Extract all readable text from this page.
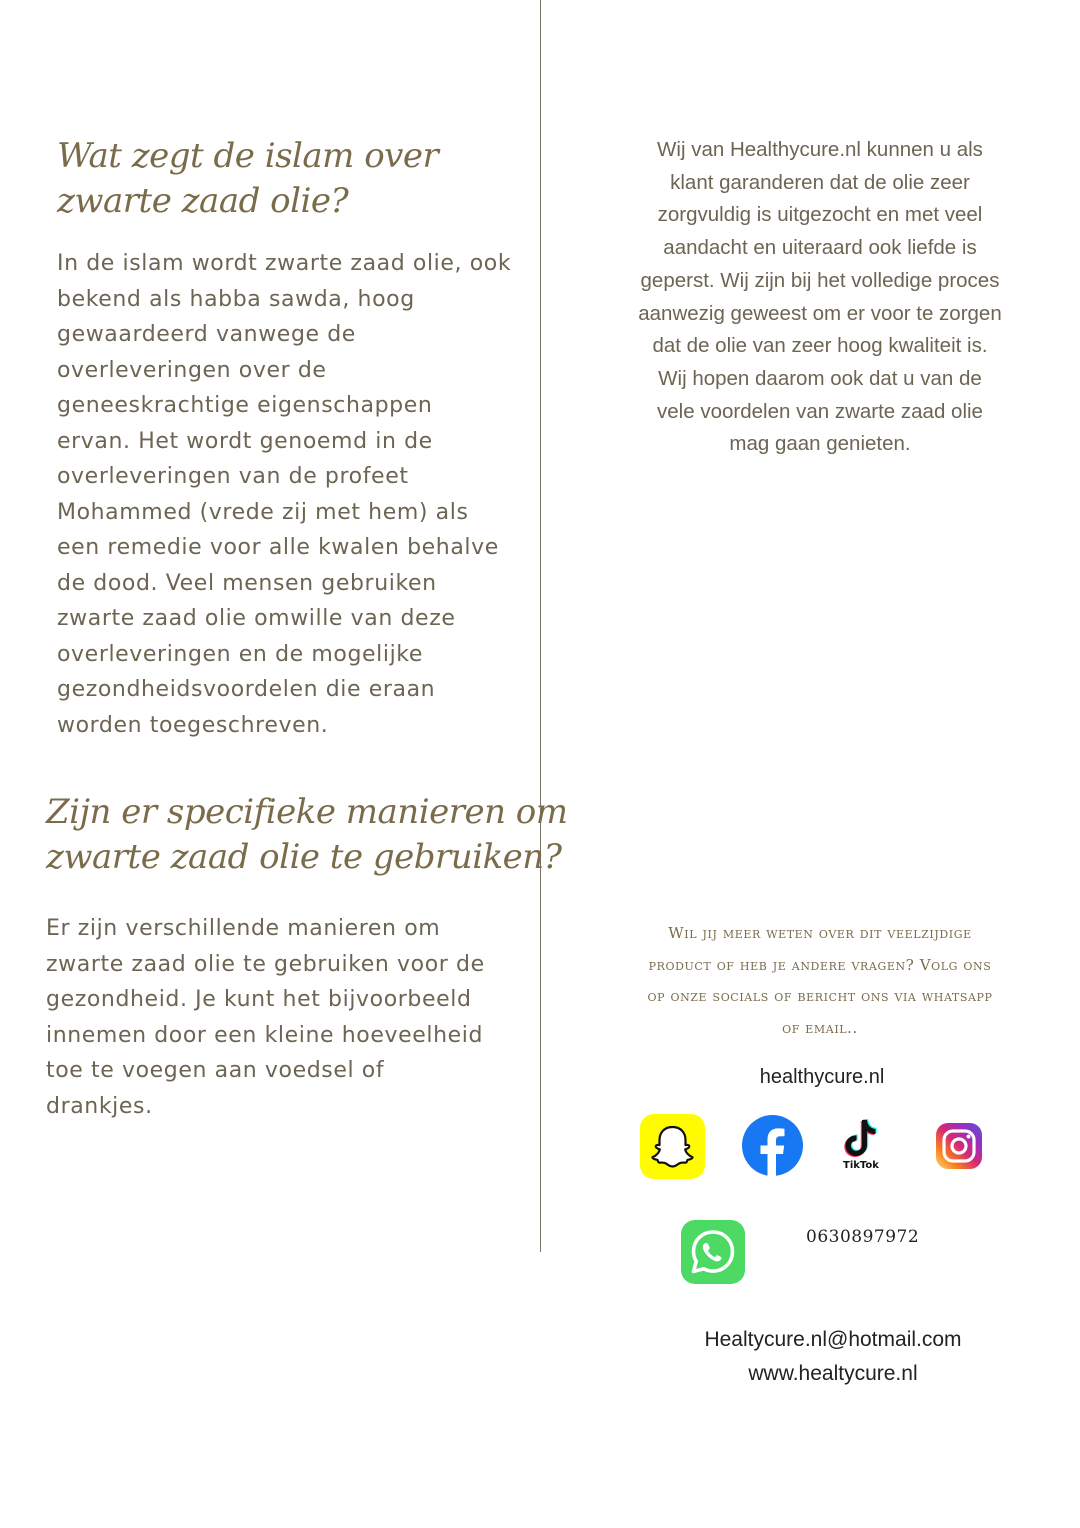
Wat zegt de islam over
zwarte zaad olie?
In de islam wordt zwarte zaad olie, ook
bekend als habba sawda, hoog
gewaardeerd vanwege de
overleveringen over de
geneeskrachtige eigenschappen
ervan. Het wordt genoemd in de
overleveringen van de profeet
Mohammed (vrede zij met hem) als
een remedie voor alle kwalen behalve
de dood. Veel mensen gebruiken
zwarte zaad olie omwille van deze
overleveringen en de mogelijke
gezondheidsvoordelen die eraan
worden toegeschreven.
Zijn er specifieke manieren om
zwarte zaad olie te gebruiken?
Er zijn verschillende manieren om
zwarte zaad olie te gebruiken voor de
gezondheid. Je kunt het bijvoorbeeld
innemen door een kleine hoeveelheid
toe te voegen aan voedsel of
drankjes.
Wij van Healthycure.nl kunnen u als
klant garanderen dat de olie zeer
zorgvuldig is uitgezocht en met veel
aandacht en uiteraard ook liefde is
geperst. Wij zijn bij het volledige proces
aanwezig geweest om er voor te zorgen
dat de olie van zeer hoog kwaliteit is.
Wij hopen daarom ook dat u van de
vele voordelen van zwarte zaad olie
mag gaan genieten.
Wil jij meer weten over dit veelzijdige
product of heb je andere vragen? Volg ons
op onze socials of bericht ons via whatsapp
of email..
healthycure.nl
TikTok
0630897972
Healtycure.nl@hotmail.com
www.healtycure.nl
